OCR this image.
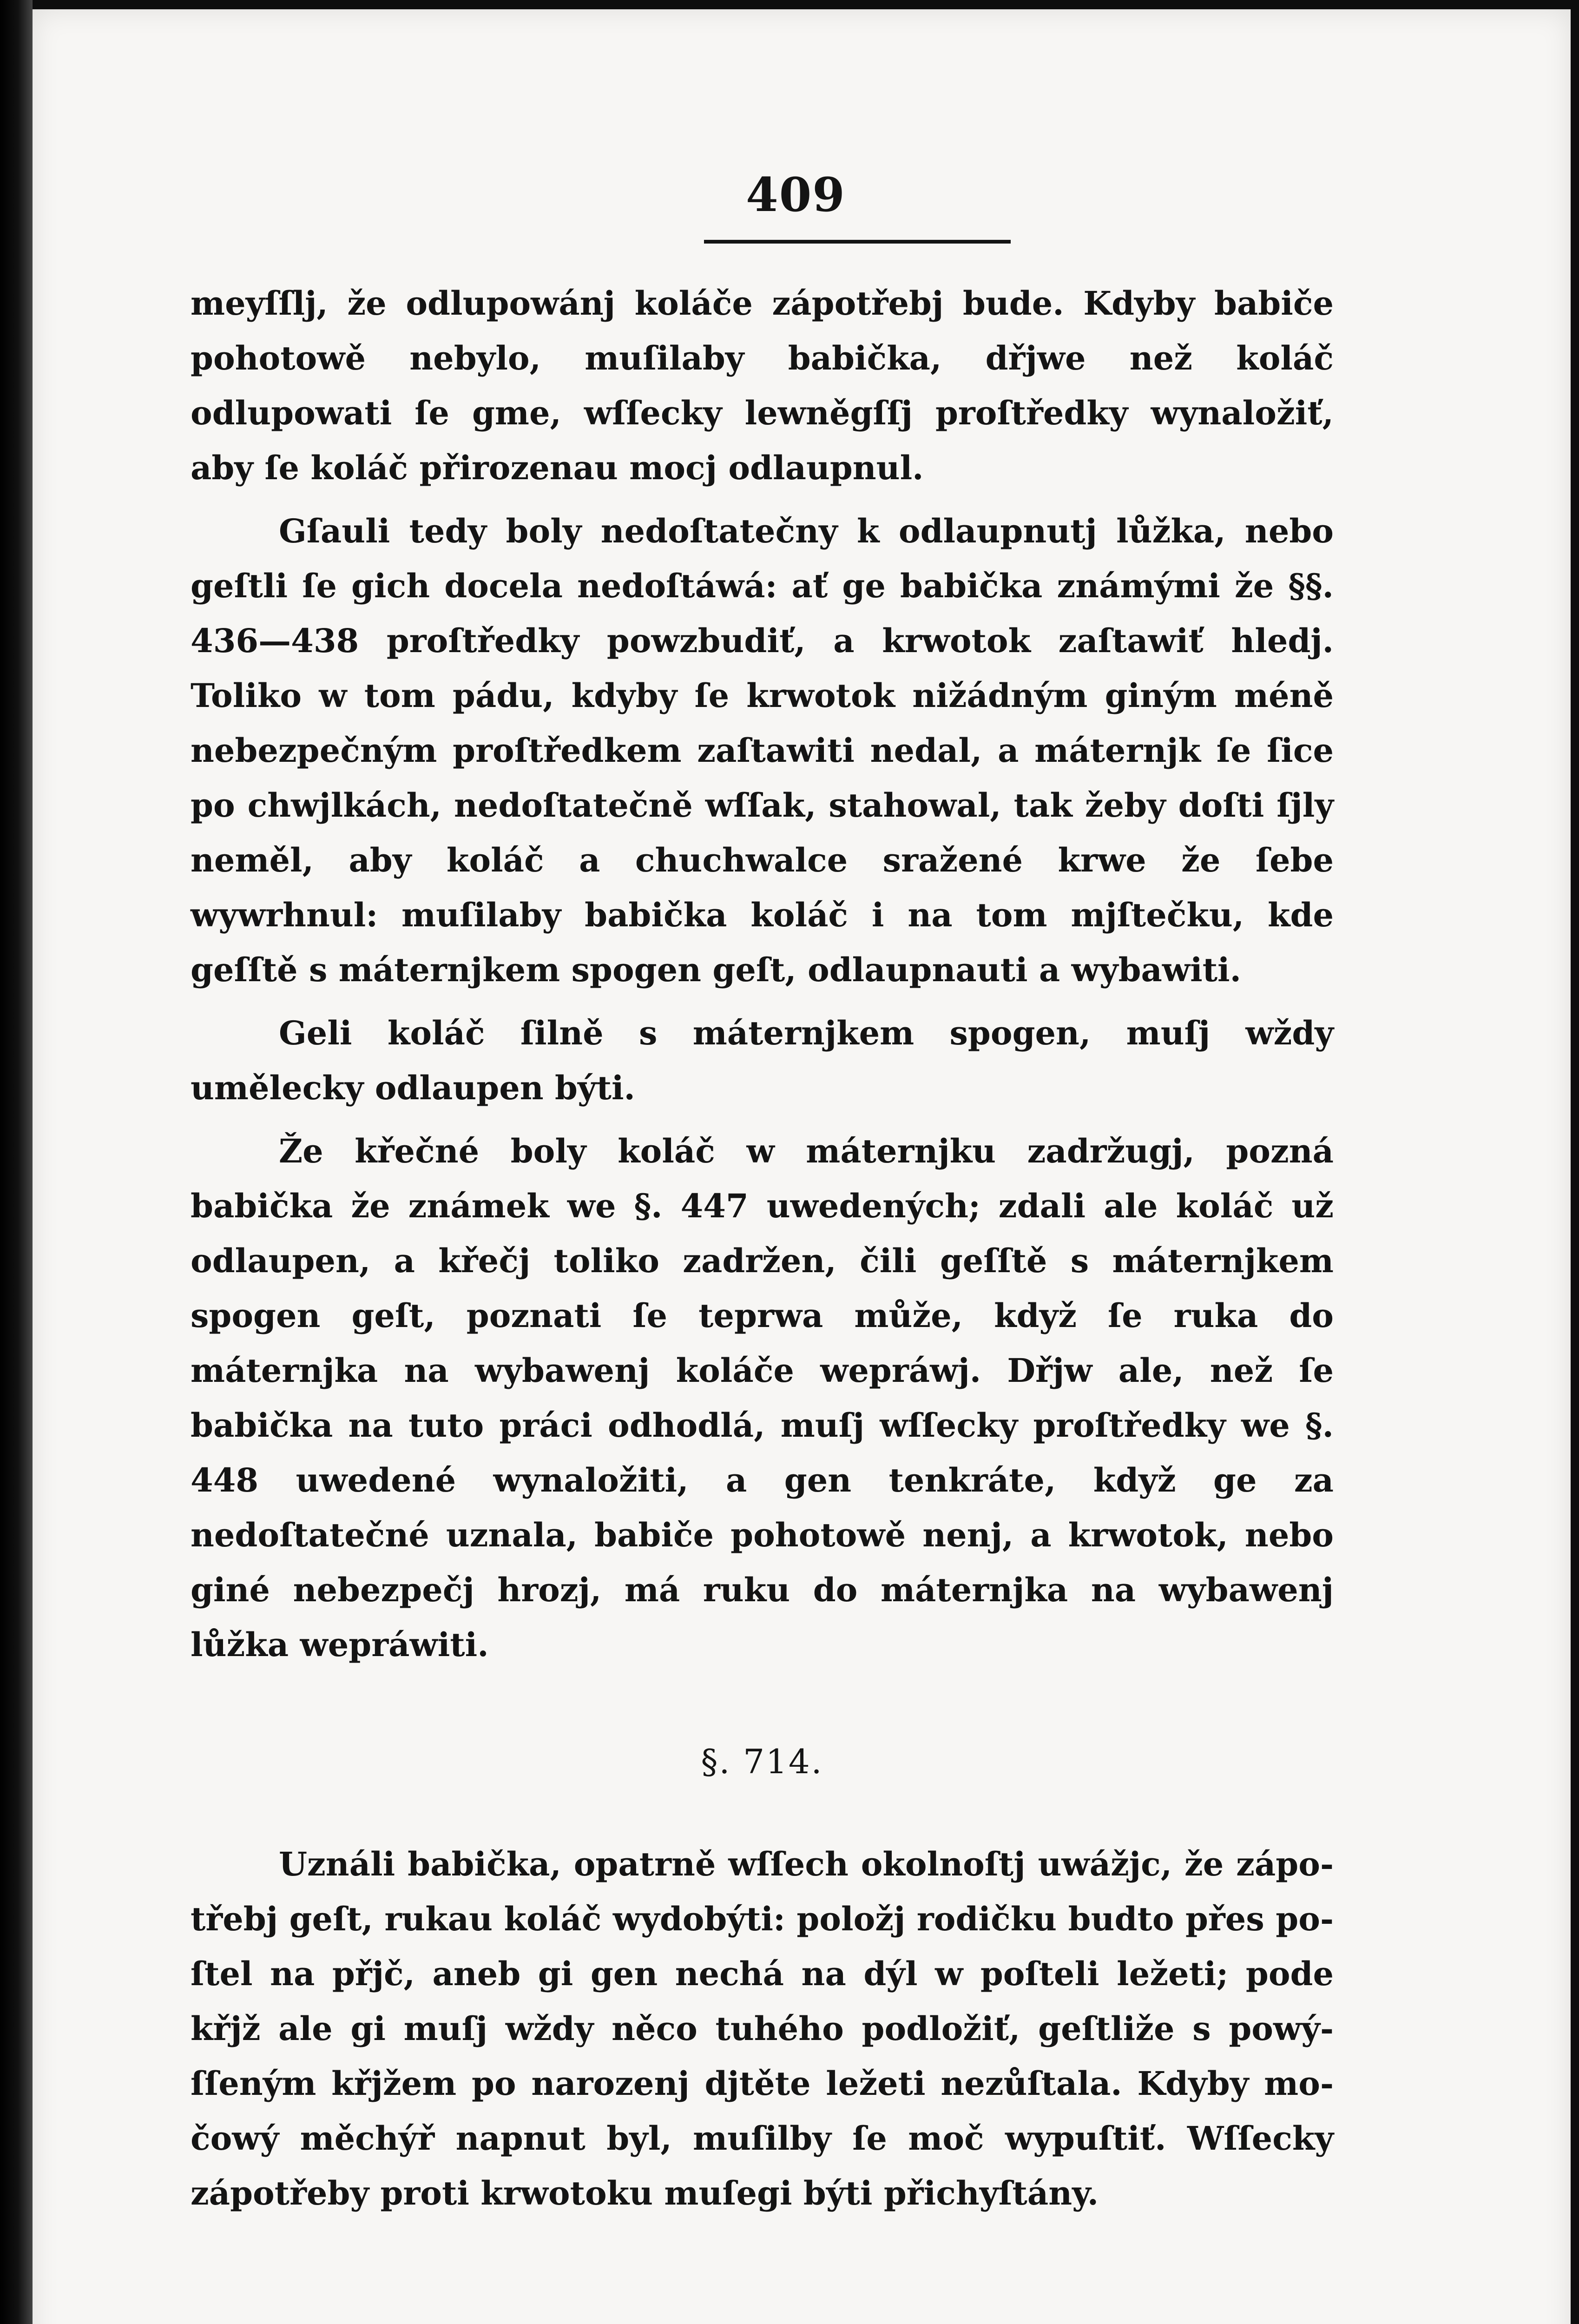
409

meyſſlj, že odlupowánj koláče zápotřebj bude. Kdyby babiče pohotowě nebylo, muſilaby babička, dřjwe než koláč odlupowati ſe gme, wſſecky lewněgſſj proſtředky wynaložiť, aby ſe koláč přirozenau mocj odlaupnul.

Gſauli tedy boly nedoſtatečny k odlaupnutj lůžka, nebo geſtli ſe gich docela nedoſtáwá: ať ge babička známými že §§. 436—438 proſtředky powzbudiť, a krwotok zaſtawiť hledj. Toliko w tom pádu, kdyby ſe krwotok nižádným giným méně nebezpečným proſtředkem zaſtawiti nedal, a máternjk ſe ſice po chwjlkách, nedoſtatečně wſſak, stahowal, tak žeby doſti ſjly neměl, aby koláč a chuchwalce sražené krwe že ſebe wywrhnul: muſilaby babička koláč i na tom mjſtečku, kde geſſtě s máternjkem spogen geſt, odlaupnauti a wybawiti.

Geli koláč ſilně s máternjkem spogen, muſj wždy umělecky odlaupen býti.

Že křečné boly koláč w máternjku zadržugj, pozná babička že známek we §. 447 uwedených; zdali ale koláč už odlaupen, a křečj toliko zadržen, čili geſſtě s máternjkem spogen geſt, poznati ſe teprwa může, když ſe ruka do máternjka na wybawenj koláče wepráwj. Dřjw ale, než ſe babička na tuto práci odhodlá, muſj wſſecky proſtředky we §. 448 uwedené wynaložiti, a gen tenkráte, když ge za nedoſtatečné uznala, babiče pohotowě nenj, a krwotok, nebo giné nebezpečj hrozj, má ruku do máternjka na wybawenj lůžka wepráwiti.

§. 714.

Uználi babička, opatrně wſſech okolnoſtj uwážjc, že zápotřebj geſt, rukau koláč wydobýti: položj rodičku budto přes poſtel na přjč, aneb gi gen nechá na dýl w poſteli ležeti; pode křjž ale gi muſj wždy něco tuhého podložiť, geſtliže s powýſſeným křjžem po narozenj djtěte ležeti nezůſtala. Kdyby močowý měchýř napnut byl, muſilby ſe moč wypuſtiť. Wſſecky zápotřeby proti krwotoku muſegi býti přichyſtány.
